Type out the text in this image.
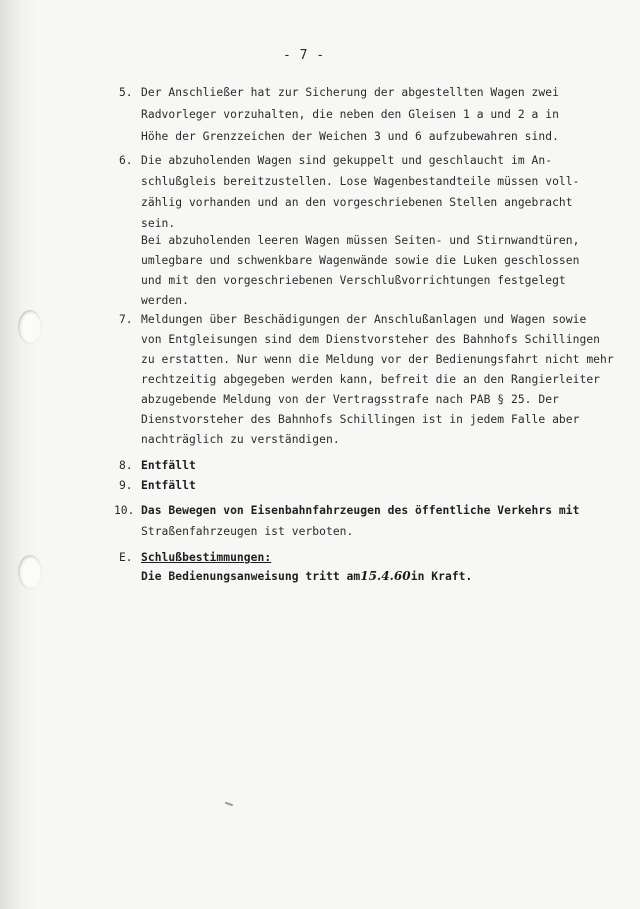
- 7 -
5. Der Anschließer hat zur Sicherung der abgestellten Wagen zwei
Radvorleger vorzuhalten, die neben den Gleisen 1 a und 2 a in
Höhe der Grenzzeichen der Weichen 3 und 6 aufzubewahren sind.
6. Die abzuholenden Wagen sind gekuppelt und geschlaucht im An-
schlußgleis bereitzustellen. Lose Wagenbestandteile müssen voll-
zählig vorhanden und an den vorgeschriebenen Stellen angebracht
sein.
Bei abzuholenden leeren Wagen müssen Seiten- und Stirnwandtüren,
umlegbare und schwenkbare Wagenwände sowie die Luken geschlossen
und mit den vorgeschriebenen Verschlußvorrichtungen festgelegt
werden.
7. Meldungen über Beschädigungen der Anschlußanlagen und Wagen sowie
von Entgleisungen sind dem Dienstvorsteher des Bahnhofs Schillingen
zu erstatten. Nur wenn die Meldung vor der Bedienungsfahrt nicht mehr
rechtzeitig abgegeben werden kann, befreit die an den Rangierleiter
abzugebende Meldung von der Vertragsstrafe nach PAB § 25. Der
Dienstvorsteher des Bahnhofs Schillingen ist in jedem Falle aber
nachträglich zu verständigen.
8. Entfällt
9. Entfällt
10. Das Bewegen von Eisenbahnfahrzeugen des öffentliche Verkehrs mit
Straßenfahrzeugen ist verboten.
E. Schlußbestimmungen:
Die Bedienungsanweisung tritt am15.4.60in Kraft.
